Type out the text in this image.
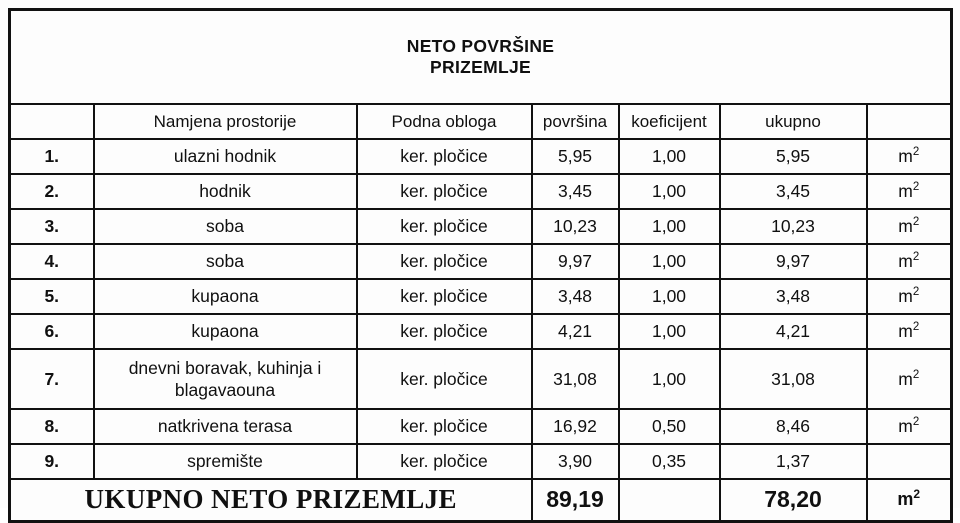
NETO POVRŠINE
PRIZEMLJE						

	Namjena prostorije	Podna obloga	površina	koeficijent	ukupno	
1.	ulazni hodnik	ker. pločice	5,95	1,00	5,95	$m^2$
2.	hodnik	ker. pločice	3,45	1,00	3,45	$m^2$
3.	soba	ker. pločice	10,23	1,00	10,23	$m^2$
4.	soba	ker. pločice	9,97	1,00	9,97	$m^2$
5.	kupaona	ker. pločice	3,48	1,00	3,48	$m^2$
6.	kupaona	ker. pločice	4,21	1,00	4,21	$m^2$
7.	dnevni boravak, kuhinja i blagavaouna	ker. pločice	31,08	1,00	31,08	$m^2$
8.	natkrivena terasa	ker. pločice	16,92	0,50	8,46	$m^2$
9.	spremište	ker. pločice	3,90	0,35	1,37	
UKUPNO NETO PRIZEMLJE			89,19		78,20	$m^2$
